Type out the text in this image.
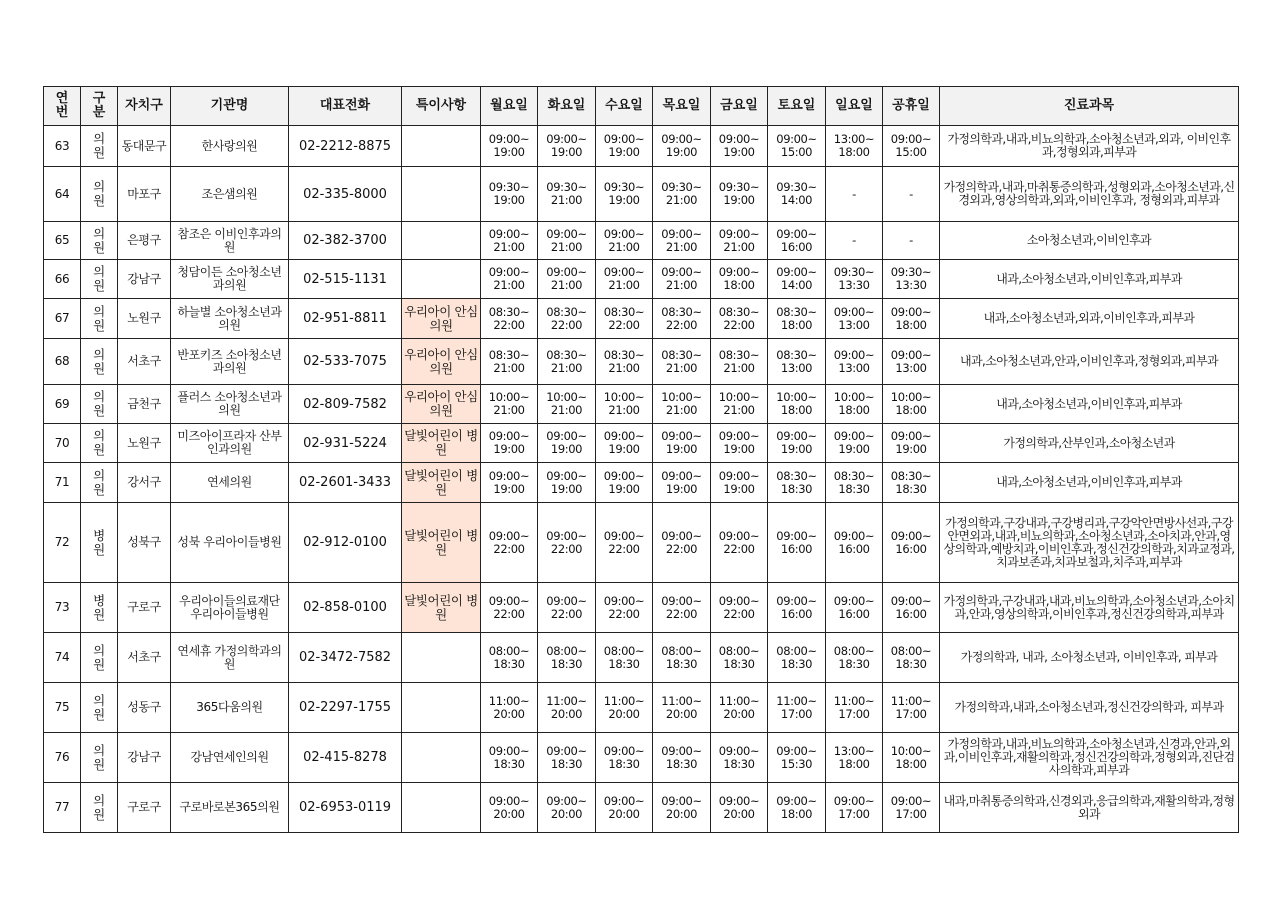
연번	구분	자치구	기관명	대표전화	특이사항	월요일	화요일	수요일	목요일	금요일	토요일	일요일	공휴일	진료과목
63	의원	동대문구	한사랑의원	02-2212-8875		09:00~ 19:00	09:00~ 19:00	09:00~ 19:00	09:00~ 19:00	09:00~ 19:00	09:00~ 15:00	13:00~ 18:00	09:00~ 15:00	가정의학과,내과,비뇨의학과,소아청소년과,외과, 이비인후과,정형외과,피부과
64	의원	마포구	조은샘의원	02-335-8000		09:30~ 19:00	09:30~ 21:00	09:30~ 19:00	09:30~ 21:00	09:30~ 19:00	09:30~ 14:00	-	-	가정의학과,내과,마취통증의학과,성형외과,소아청소년과,신경외과,영상의학과,외과,이비인후과, 정형외과,피부과
65	의원	은평구	참조은 이비인후과의원	02-382-3700		09:00~ 21:00	09:00~ 21:00	09:00~ 21:00	09:00~ 21:00	09:00~ 21:00	09:00~ 16:00	-	-	소아청소년과,이비인후과
66	의원	강남구	청담이든 소아청소년과의원	02-515-1131		09:00~ 21:00	09:00~ 21:00	09:00~ 21:00	09:00~ 21:00	09:00~ 18:00	09:00~ 14:00	09:30~ 13:30	09:30~ 13:30	내과,소아청소년과,이비인후과,피부과
67	의원	노원구	하늘별 소아청소년과의원	02-951-8811	우리아이 안심의원	08:30~ 22:00	08:30~ 22:00	08:30~ 22:00	08:30~ 22:00	08:30~ 22:00	08:30~ 18:00	09:00~ 13:00	09:00~ 18:00	내과,소아청소년과,외과,이비인후과,피부과
68	의원	서초구	반포키즈 소아청소년과의원	02-533-7075	우리아이 안심의원	08:30~ 21:00	08:30~ 21:00	08:30~ 21:00	08:30~ 21:00	08:30~ 21:00	08:30~ 13:00	09:00~ 13:00	09:00~ 13:00	내과,소아청소년과,안과,이비인후과,정형외과,피부과
69	의원	금천구	플러스 소아청소년과의원	02-809-7582	우리아이 안심의원	10:00~ 21:00	10:00~ 21:00	10:00~ 21:00	10:00~ 21:00	10:00~ 21:00	10:00~ 18:00	10:00~ 18:00	10:00~ 18:00	내과,소아청소년과,이비인후과,피부과
70	의원	노원구	미즈아이프라자 산부인과의원	02-931-5224	달빛어린이 병원	09:00~ 19:00	09:00~ 19:00	09:00~ 19:00	09:00~ 19:00	09:00~ 19:00	09:00~ 19:00	09:00~ 19:00	09:00~ 19:00	가정의학과,산부인과,소아청소년과
71	의원	강서구	연세의원	02-2601-3433	달빛어린이 병원	09:00~ 19:00	09:00~ 19:00	09:00~ 19:00	09:00~ 19:00	09:00~ 19:00	08:30~ 18:30	08:30~ 18:30	08:30~ 18:30	내과,소아청소년과,이비인후과,피부과
72	병원	성북구	성북 우리아이들병원	02-912-0100	달빛어린이 병원	09:00~ 22:00	09:00~ 22:00	09:00~ 22:00	09:00~ 22:00	09:00~ 22:00	09:00~ 16:00	09:00~ 16:00	09:00~ 16:00	가정의학과,구강내과,구강병리과,구강악안면방사선과,구강안면외과,내과,비뇨의학과,소아청소년과,소아치과,안과,영상의학과,예방치과,이비인후과,정신건강의학과,치과교정과,치과보존과,치과보철과,치주과,피부과
73	병원	구로구	우리아이들의료재단 우리아이들병원	02-858-0100	달빛어린이 병원	09:00~ 22:00	09:00~ 22:00	09:00~ 22:00	09:00~ 22:00	09:00~ 22:00	09:00~ 16:00	09:00~ 16:00	09:00~ 16:00	가정의학과,구강내과,내과,비뇨의학과,소아청소년과,소아치과,안과,영상의학과,이비인후과,정신건강의학과,피부과
74	의원	서초구	연세휴 가정의학과의원	02-3472-7582		08:00~ 18:30	08:00~ 18:30	08:00~ 18:30	08:00~ 18:30	08:00~ 18:30	08:00~ 18:30	08:00~ 18:30	08:00~ 18:30	가정의학과, 내과, 소아청소년과, 이비인후과, 피부과
75	의원	성동구	365다움의원	02-2297-1755		11:00~ 20:00	11:00~ 20:00	11:00~ 20:00	11:00~ 20:00	11:00~ 20:00	11:00~ 17:00	11:00~ 17:00	11:00~ 17:00	가정의학과,내과,소아청소년과,정신건강의학과, 피부과
76	의원	강남구	강남연세인의원	02-415-8278		09:00~ 18:30	09:00~ 18:30	09:00~ 18:30	09:00~ 18:30	09:00~ 18:30	09:00~ 15:30	13:00~ 18:00	10:00~ 18:00	가정의학과,내과,비뇨의학과,소아청소년과,신경과,안과,외과,이비인후과,재활의학과,정신건강의학과,정형외과,진단검사의학과,피부과
77	의원	구로구	구로바로본365의원	02-6953-0119		09:00~ 20:00	09:00~ 20:00	09:00~ 20:00	09:00~ 20:00	09:00~ 20:00	09:00~ 18:00	09:00~ 17:00	09:00~ 17:00	내과,마취통증의학과,신경외과,응급의학과,재활의학과,정형외과
